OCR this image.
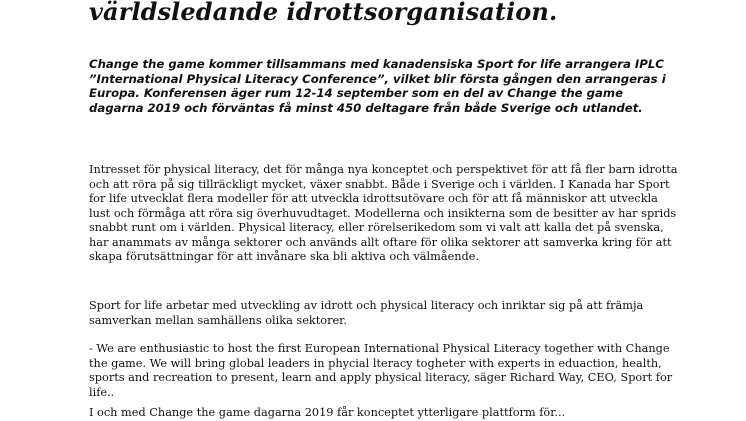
världsledande idrottsorganisation.

Change the game kommer tillsammans med kanadensiska Sport for life arrangera IPLC ”International Physical Literacy Conference”, vilket blir första gången den arrangeras i Europa. Konferensen äger rum 12-14 september som en del av Change the game dagarna 2019 och förväntas få minst 450 deltagare från både Sverige och utlandet.

Intresset för physical literacy, det för många nya konceptet och perspektivet för att få fler barn idrotta och att röra på sig tillräckligt mycket, växer snabbt. Både i Sverige och i världen. I Kanada har Sport for life utvecklat flera modeller för att utveckla idrottsutövare och för att få människor att utveckla lust och förmåga att röra sig överhuvudtaget. Modellerna och insikterna som de besitter av har sprids snabbt runt om i världen. Physical literacy, eller rörelserikedom som vi valt att kalla det på svenska, har anammats av många sektorer och används allt oftare för olika sektorer att samverka kring för att skapa förutsättningar för att invånare ska bli aktiva och välmående.

Sport for life arbetar med utveckling av idrott och physical literacy och inriktar sig på att främja samverkan mellan samhällens olika sektorer.

- We are enthusiastic to host the first European International Physical Literacy together with Change the game. We will bring global leaders in phycial lteracy togheter with experts in eduaction, health, sports and recreation to present, learn and apply physical literacy, säger Richard Way, CEO, Sport for life..

I och med Change the game dagarna 2019 får konceptet ytterligare plattform för...
